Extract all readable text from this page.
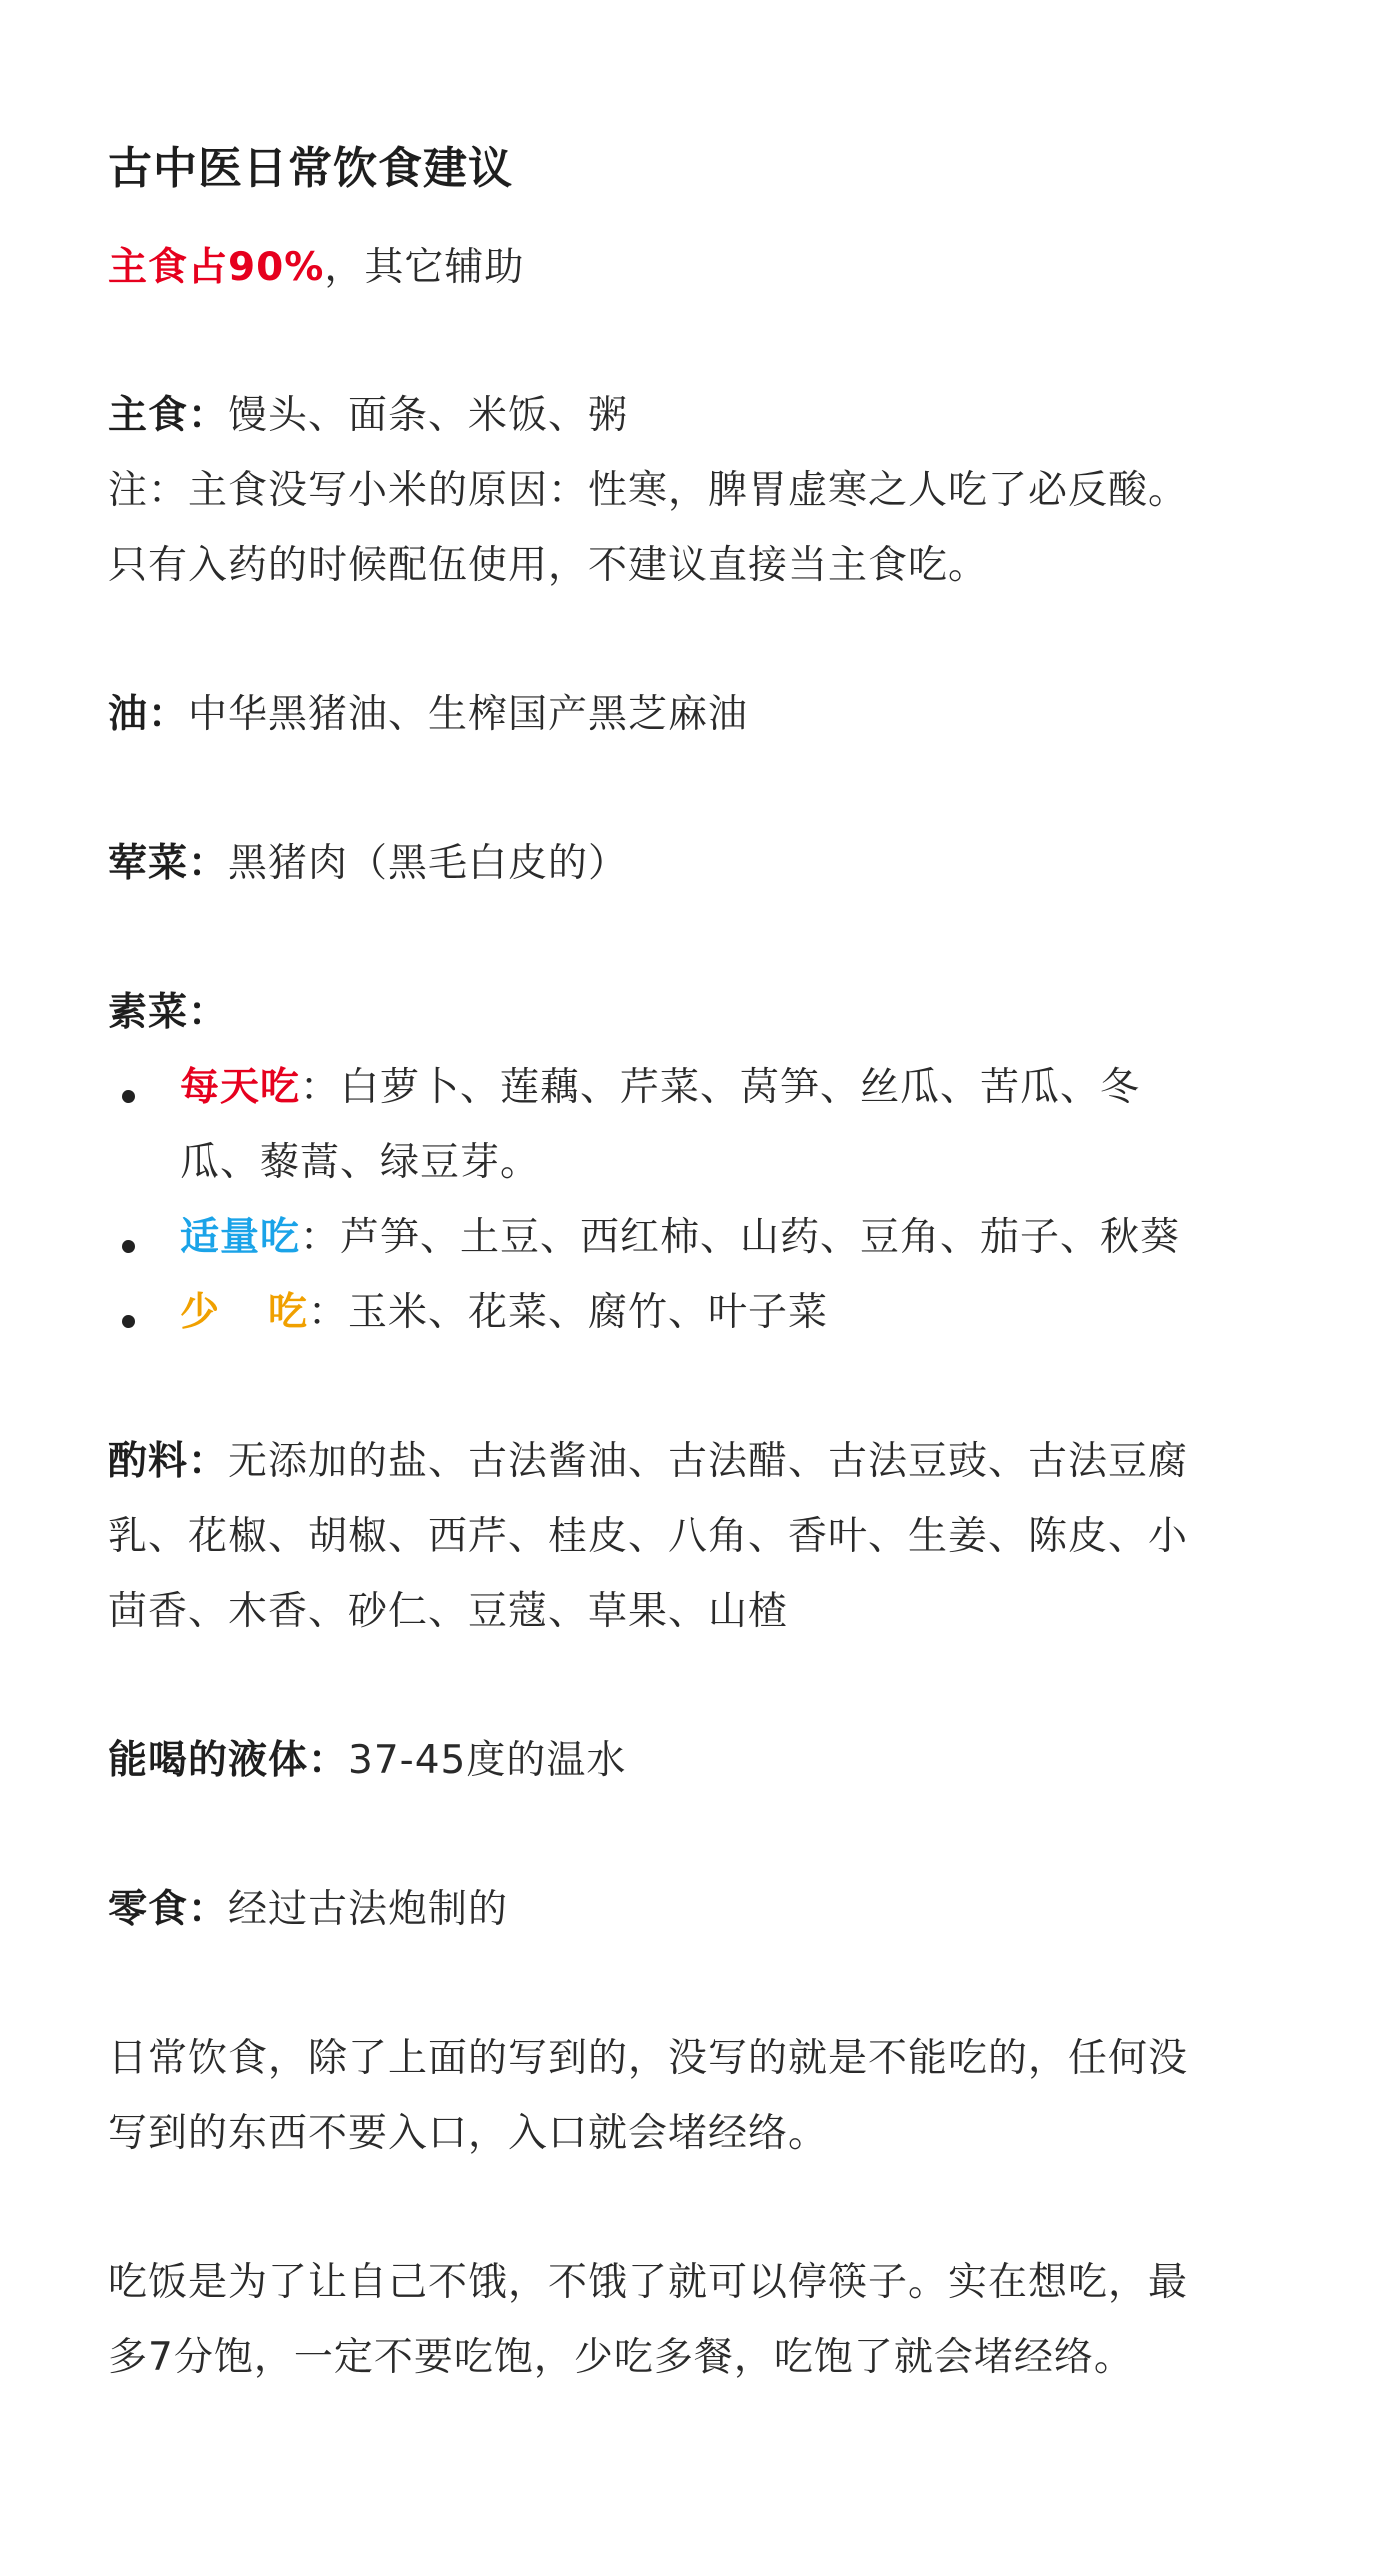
古中医日常饮食建议
主食占90%，其它辅助
主食：馒头、面条、米饭、粥
注：主食没写小米的原因：性寒，脾胃虚寒之人吃了必反酸。
只有入药的时候配伍使用，不建议直接当主食吃。
油：中华黑猪油、生榨国产黑芝麻油
荤菜：黑猪肉（黑毛白皮的）
素菜：
每天吃：白萝卜、莲藕、芹菜、莴笋、丝瓜、苦瓜、冬
瓜、藜蒿、绿豆芽。
适量吃：芦笋、土豆、西红柿、山药、豆角、茄子、秋葵
少 吃：玉米、花菜、腐竹、叶子菜
酌料：无添加的盐、古法酱油、古法醋、古法豆豉、古法豆腐
乳、花椒、胡椒、西芹、桂皮、八角、香叶、生姜、陈皮、小
茴香、木香、砂仁、豆蔻、草果、山楂
能喝的液体：37-45度的温水
零食：经过古法炮制的
日常饮食，除了上面的写到的，没写的就是不能吃的，任何没
写到的东西不要入口，入口就会堵经络。
吃饭是为了让自己不饿，不饿了就可以停筷子。实在想吃，最
多7分饱，一定不要吃饱，少吃多餐，吃饱了就会堵经络。
